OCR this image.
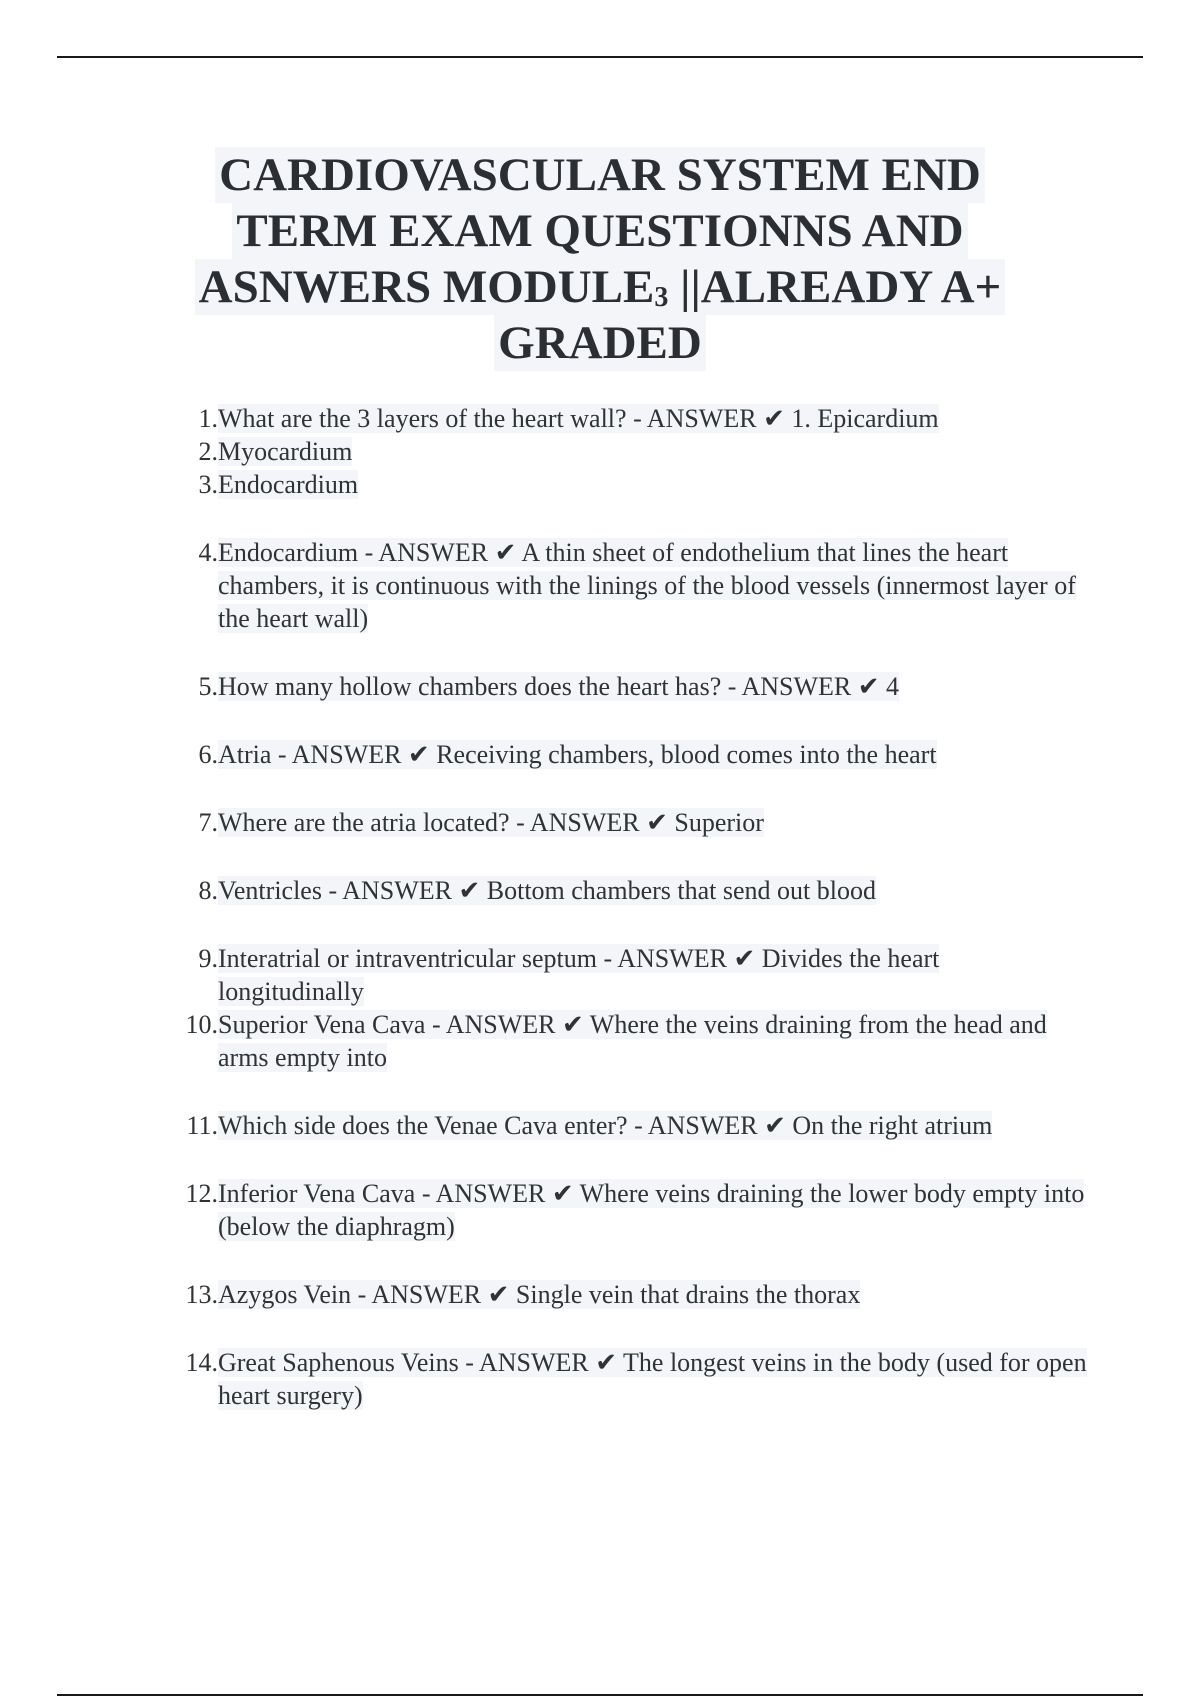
CARDIOVASCULAR SYSTEM END
TERM EXAM QUESTIONNS AND
ASNWERS $MODULE_3$ ||ALREADY A+
GRADED
1. What are the 3 layers of the heart wall? - ANSWER ✔ 1. Epicardium
2. Myocardium
3. Endocardium
4. Endocardium - ANSWER ✔ A thin sheet of endothelium that lines the heart chambers, it is continuous with the linings of the blood vessels (innermost layer of the heart wall)
5. How many hollow chambers does the heart has? - ANSWER ✔ 4
6. Atria - ANSWER ✔ Receiving chambers, blood comes into the heart
7. Where are the atria located? - ANSWER ✔ Superior
8. Ventricles - ANSWER ✔ Bottom chambers that send out blood
9. Interatrial or intraventricular septum - ANSWER ✔ Divides the heart longitudinally
10. Superior Vena Cava - ANSWER ✔ Where the veins draining from the head and arms empty into
11. Which side does the Venae Cava enter? - ANSWER ✔ On the right atrium
12. Inferior Vena Cava - ANSWER ✔ Where veins draining the lower body empty into (below the diaphragm)
13. Azygos Vein - ANSWER ✔ Single vein that drains the thorax
14. Great Saphenous Veins - ANSWER ✔ The longest veins in the body (used for open heart surgery)
